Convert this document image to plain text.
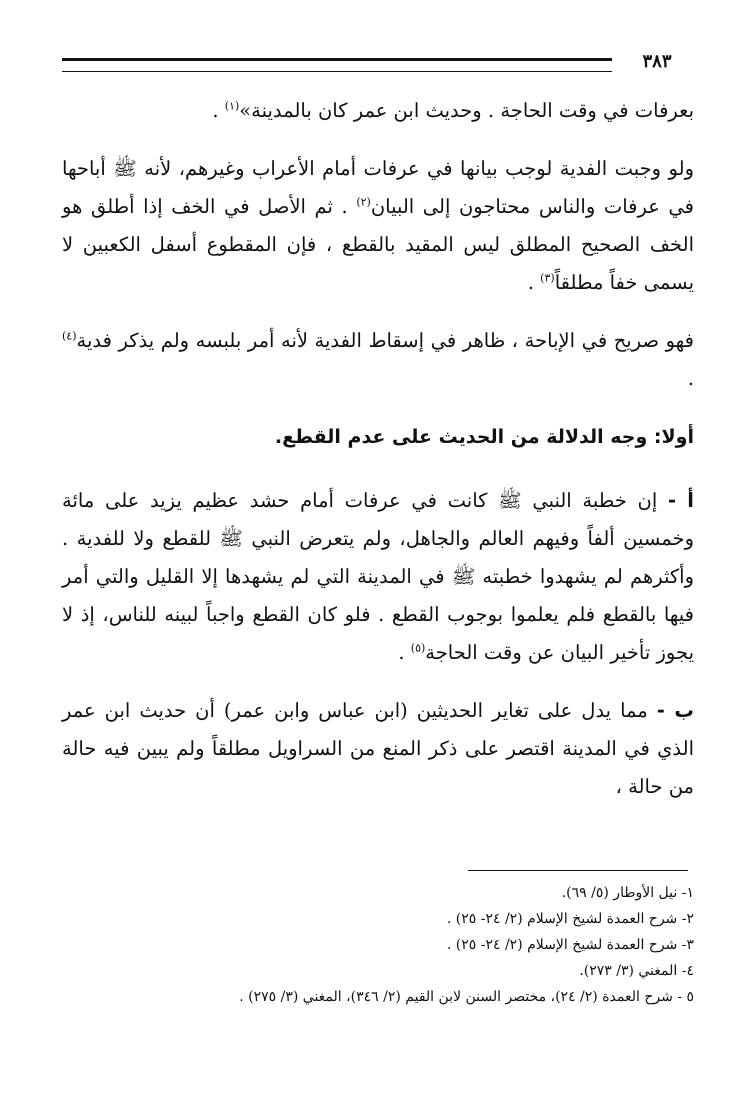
٣٨٣

بعرفات في وقت الحاجة . وحديث ابن عمر كان بالمدينة»$^{(١)}$ .

ولو وجبت الفدية لوجب بيانها في عرفات أمام الأعراب وغيرهم، لأنه ﷺ أباحها في عرفات والناس محتاجون إلى البيان$^{(٢)}$ . ثم الأصل في الخف إذا أطلق هو الخف الصحيح المطلق ليس المقيد بالقطع ، فإن المقطوع أسفل الكعبين لا يسمى خفاً مطلقاً$^{(٣)}$ .

فهو صريح في الإباحة ، ظاهر في إسقاط الفدية لأنه أمر بلبسه ولم يذكر فدية$^{(٤)}$ .

أولا: وجه الدلالة من الحديث على عدم القطع.

أ - إن خطبة النبي ﷺ كانت في عرفات أمام حشد عظيم يزيد على مائة وخمسين ألفاً وفيهم العالم والجاهل، ولم يتعرض النبي ﷺ للقطع ولا للفدية . وأكثرهم لم يشهدوا خطبته ﷺ في المدينة التي لم يشهدها إلا القليل والتي أمر فيها بالقطع فلم يعلموا بوجوب القطع . فلو كان القطع واجباً لبينه للناس، إذ لا يجوز تأخير البيان عن وقت الحاجة$^{(٥)}$ .

ب - مما يدل على تغاير الحديثين (ابن عباس وابن عمر) أن حديث ابن عمر الذي في المدينة اقتصر على ذكر المنع من السراويل مطلقاً ولم يبين فيه حالة من حالة ،

١- نيل الأوطار (٥/ ٦٩).
٢- شرح العمدة لشيخ الإسلام (٢/ ٢٤- ٢٥) .
٣- شرح العمدة لشيخ الإسلام (٢/ ٢٤- ٢٥) .
٤- المغني (٣/ ٢٧٣).
٥ - شرح العمدة (٢/ ٢٤)، مختصر السنن لابن القيم (٢/ ٣٤٦)، المغني (٣/ ٢٧٥) .
